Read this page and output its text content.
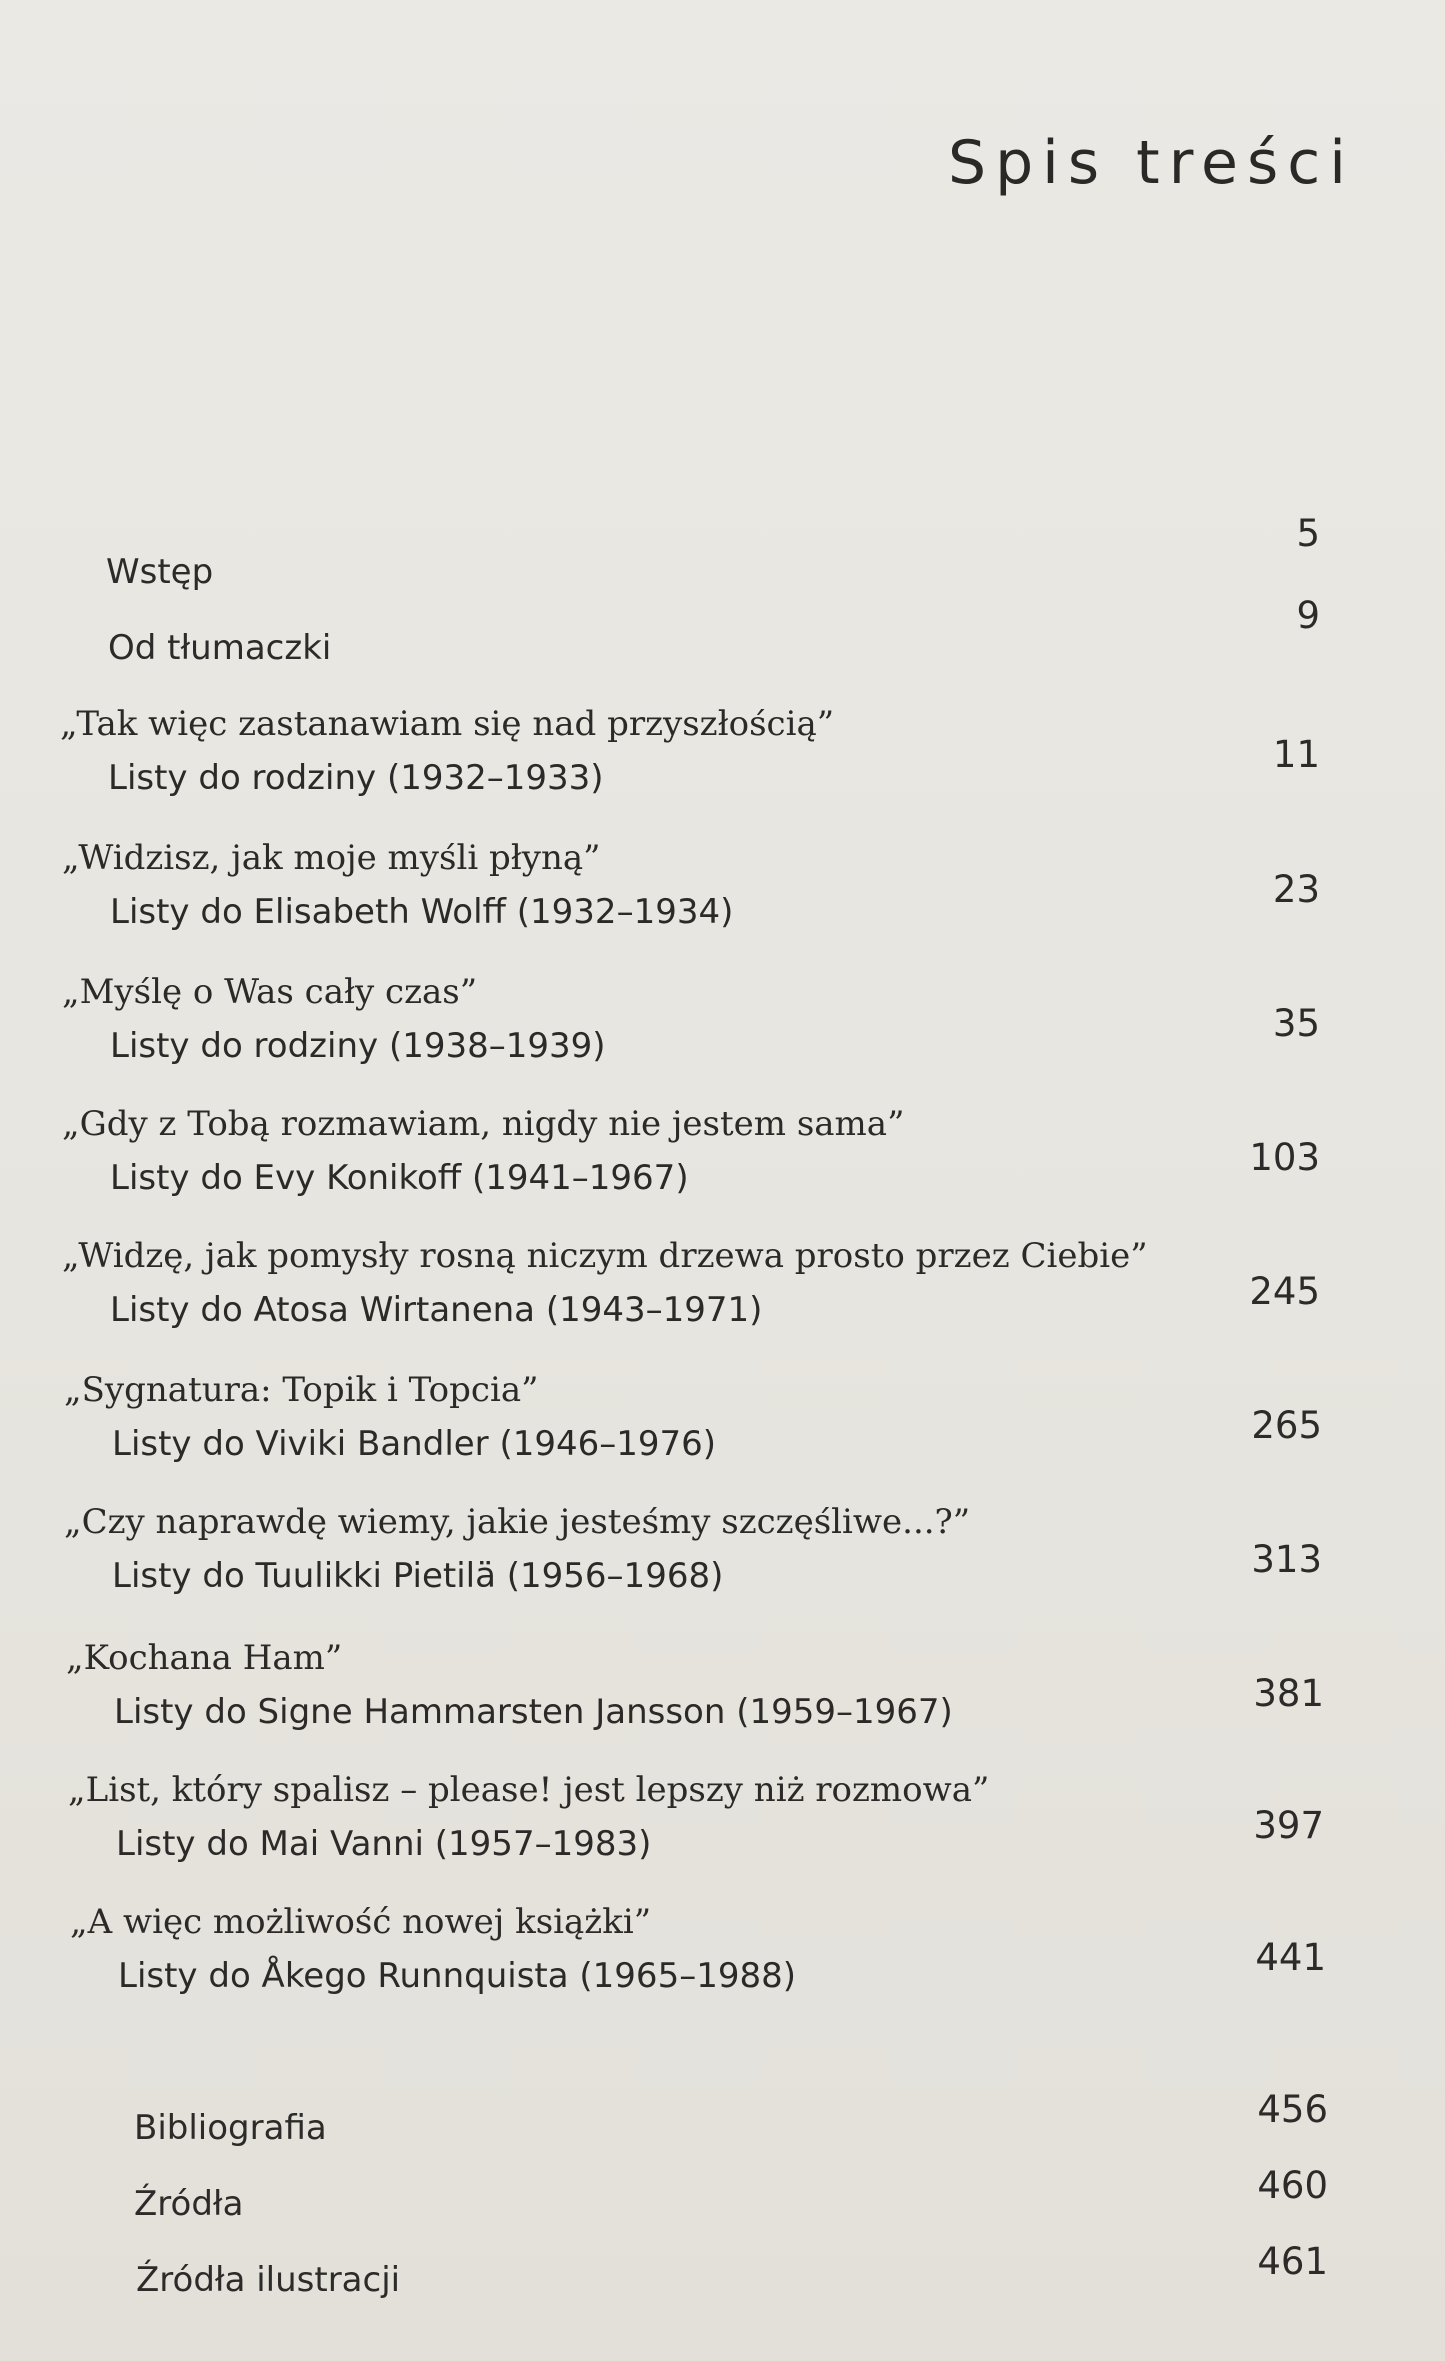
Spis treści
Wstęp
5
Od tłumaczki
9
„Tak więc zastanawiam się nad przyszłością”
Listy do rodziny (1932–1933)
11
„Widzisz, jak moje myśli płyną”
Listy do Elisabeth Wolff (1932–1934)
23
„Myślę o Was cały czas”
Listy do rodziny (1938–1939)
35
„Gdy z Tobą rozmawiam, nigdy nie jestem sama”
Listy do Evy Konikoff (1941–1967)	103
„Widzę, jak pomysły rosną niczym drzewa prosto przez Ciebie”
Listy do Atosa Wirtanena (1943–1971)	245
„Sygnatura: Topik i Topcia”
Listy do Viviki Bandler (1946–1976)	265
„Czy naprawdę wiemy, jakie jesteśmy szczęśliwe...?”
Listy do Tuulikki Pietilä (1956–1968)	313
„Kochana Ham”
Listy do Signe Hammarsten Jansson (1959–1967)	381
„List, który spalisz – please! jest lepszy niż rozmowa”
Listy do Mai Vanni (1957–1983)	397
„A więc możliwość nowej książki”
Listy do Åkego Runnquista (1965–1988)	441
Bibliografia	456
Źródła	460
Źródła ilustracji	461
